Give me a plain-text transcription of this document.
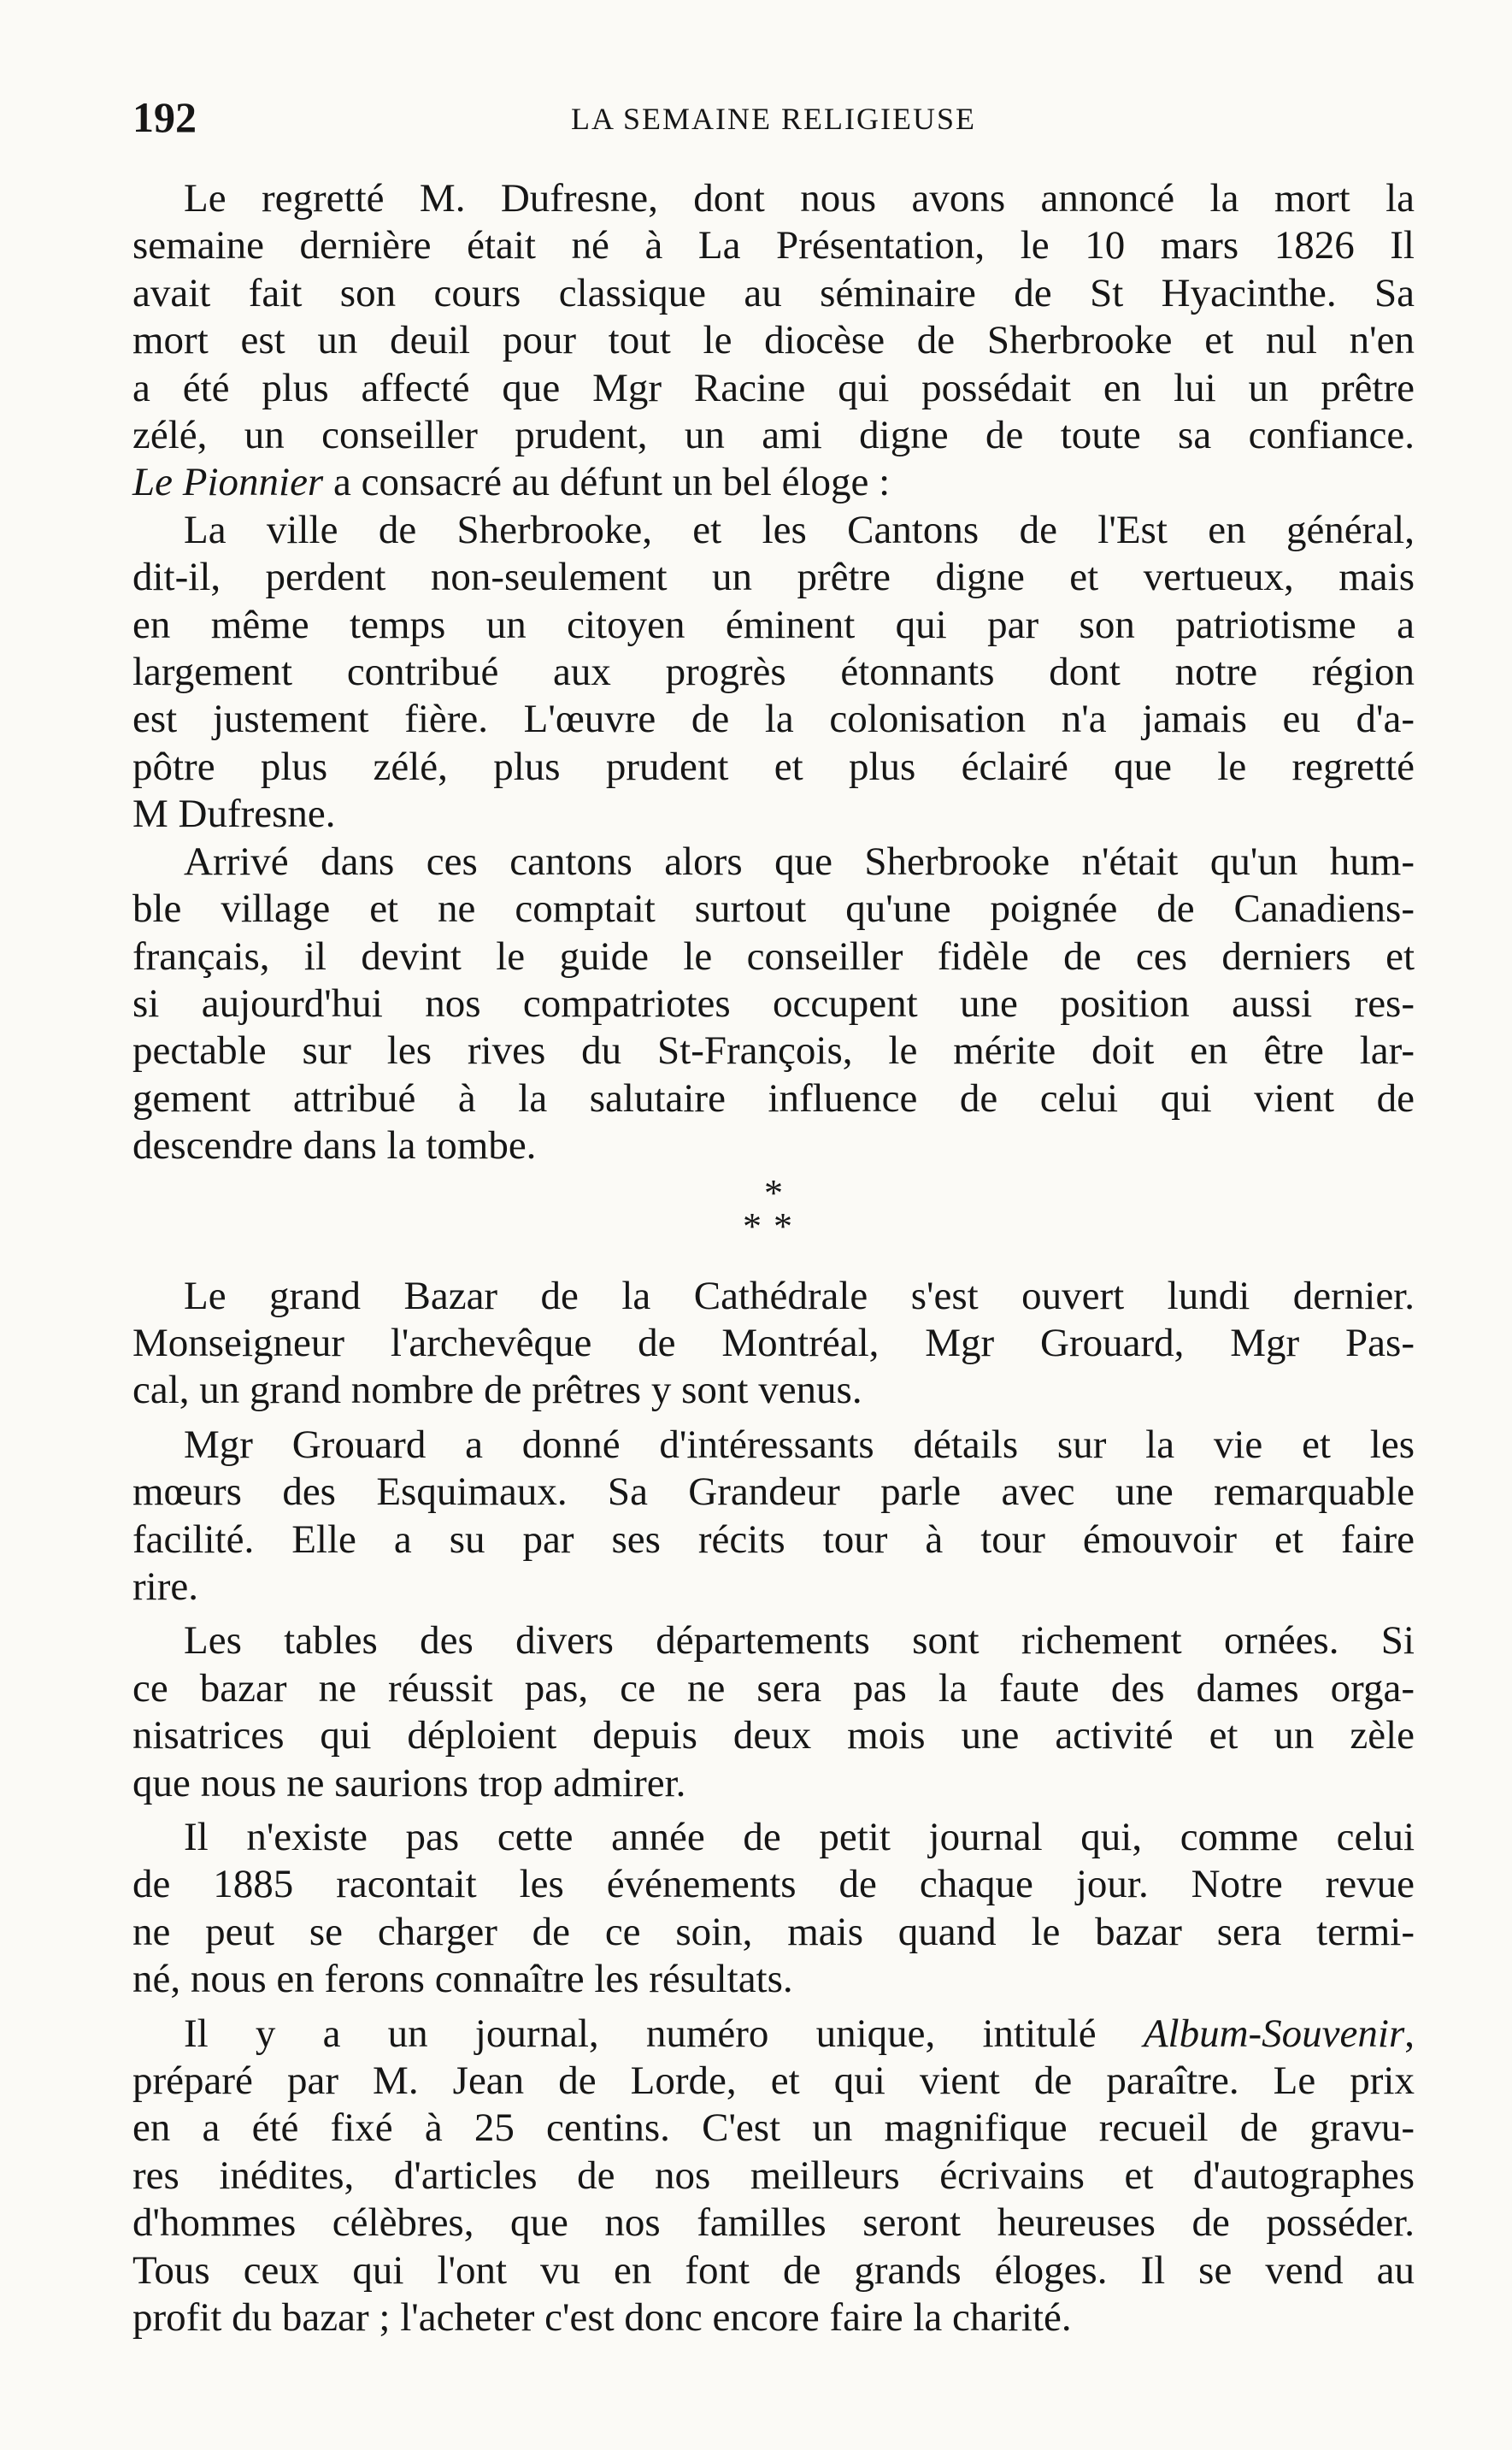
192	LA SEMAINE RELIGIEUSE
Le regretté M. Dufresne, dont nous avons annoncé la mort la
semaine dernière était né à La Présentation, le 10 mars 1826 Il
avait fait son cours classique au séminaire de St Hyacinthe. Sa
mort est un deuil pour tout le diocèse de Sherbrooke et nul n'en
a été plus affecté que Mgr Racine qui possédait en lui un prêtre
zélé, un conseiller prudent, un ami digne de toute sa confiance.
Le Pionnier a consacré au défunt un bel éloge :
La ville de Sherbrooke, et les Cantons de l'Est en général,
dit-il, perdent non-seulement un prêtre digne et vertueux, mais
en même temps un citoyen éminent qui par son patriotisme a
largement contribué aux progrès étonnants dont notre région
est justement fière. L'œuvre de la colonisation n'a jamais eu d'a-
pôtre plus zélé, plus prudent et plus éclairé que le regretté
M Dufresne.
Arrivé dans ces cantons alors que Sherbrooke n'était qu'un hum-
ble village et ne comptait surtout qu'une poignée de Canadiens-
français, il devint le guide le conseiller fidèle de ces derniers et
si aujourd'hui nos compatriotes occupent une position aussi res-
pectable sur les rives du St-François, le mérite doit en être lar-
gement attribué à la salutaire influence de celui qui vient de
descendre dans la tombe.
*
**
Le grand Bazar de la Cathédrale s'est ouvert lundi dernier.
Monseigneur l'archevêque de Montréal, Mgr Grouard, Mgr Pas-
cal, un grand nombre de prêtres y sont venus.
Mgr Grouard a donné d'intéressants détails sur la vie et les
mœurs des Esquimaux. Sa Grandeur parle avec une remarquable
facilité. Elle a su par ses récits tour à tour émouvoir et faire
rire.
Les tables des divers départements sont richement ornées. Si
ce bazar ne réussit pas, ce ne sera pas la faute des dames orga-
nisatrices qui déploient depuis deux mois une activité et un zèle
que nous ne saurions trop admirer.
Il n'existe pas cette année de petit journal qui, comme celui
de 1885 racontait les événements de chaque jour. Notre revue
ne peut se charger de ce soin, mais quand le bazar sera termi-
né, nous en ferons connaître les résultats.
Il y a un journal, numéro unique, intitulé Album-Souvenir,
préparé par M. Jean de Lorde, et qui vient de paraître. Le prix
en a été fixé à 25 centins. C'est un magnifique recueil de gravu-
res inédites, d'articles de nos meilleurs écrivains et d'autographes
d'hommes célèbres, que nos familles seront heureuses de posséder.
Tous ceux qui l'ont vu en font de grands éloges. Il se vend au
profit du bazar ; l'acheter c'est donc encore faire la charité.
